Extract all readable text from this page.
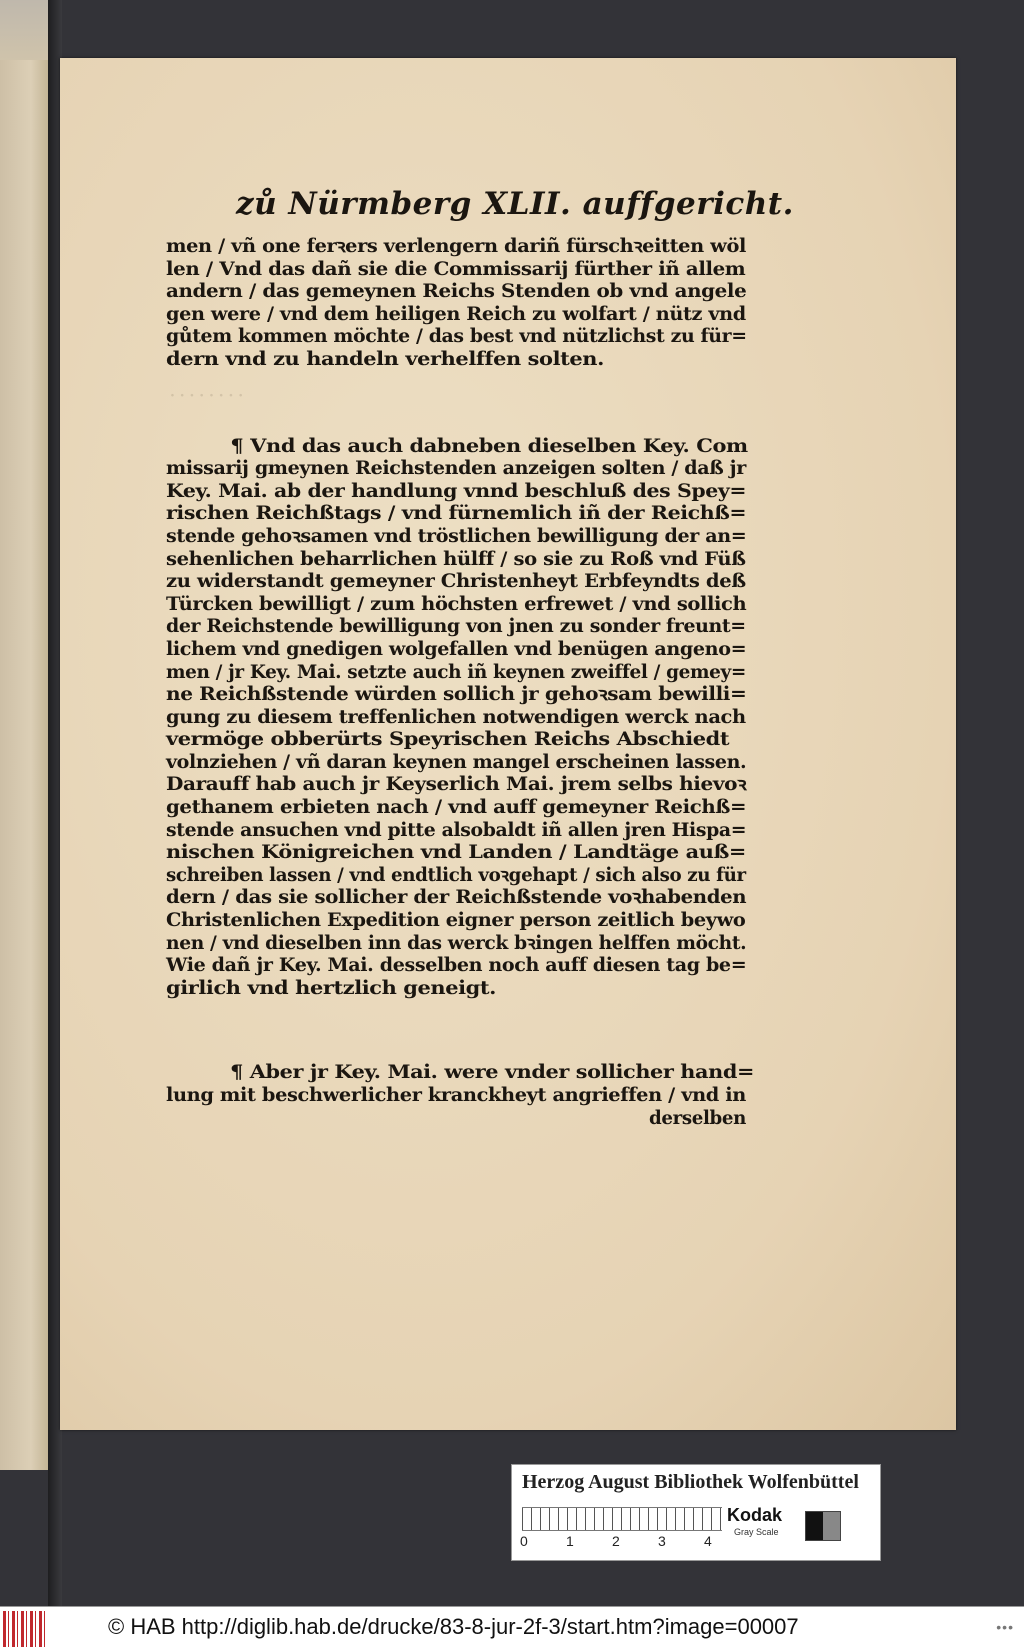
· · · · · · · ·
zů Nürmberg XLII. auffgericht.
men / vñ one ferꝛers verlengern dariñ fürschꝛeitten wöl
len / Vnd das dañ sie die Commissarij fürther iñ allem
andern / das gemeynen Reichs Stenden ob vnd angele
gen were / vnd dem heiligen Reich zu wolfart / nütz vnd
gůtem kommen möchte / das best vnd nützlichst zu für=
dern vnd zu handeln verhelffen solten.
¶ Vnd das auch dabneben dieselben Key. Com
missarij gmeynen Reichstenden anzeigen solten / daß jr
Key. Mai. ab der handlung vnnd beschluß des Spey=
rischen Reichßtags / vnd fürnemlich iñ der Reichß=
stende gehoꝛsamen vnd tröstlichen bewilligung der an=
sehenlichen beharrlichen hülff / so sie zu Roß vnd Füß
zu widerstandt gemeyner Christenheyt Erbfeyndts deß
Türcken bewilligt / zum höchsten erfrewet / vnd sollich
der Reichstende bewilligung von jnen zu sonder freunt=
lichem vnd gnedigen wolgefallen vnd benügen angeno=
men / jr Key. Mai. setzte auch iñ keynen zweiffel / gemey=
ne Reichßstende würden sollich jr gehoꝛsam bewilli=
gung zu diesem treffenlichen notwendigen werck nach
vermöge obberürts Speyrischen Reichs Abschiedt
volnziehen / vñ daran keynen mangel erscheinen lassen.
Darauff hab auch jr Keyserlich Mai. jrem selbs hievoꝛ
gethanem erbieten nach / vnd auff gemeyner Reichß=
stende ansuchen vnd pitte alsobaldt iñ allen jren Hispa=
nischen Königreichen vnd Landen / Landtäge auß=
schreiben lassen / vnd endtlich voꝛgehapt / sich also zu für
dern / das sie sollicher der Reichßstende voꝛhabenden
Christenlichen Expedition eigner person zeitlich beywo
nen / vnd dieselben inn das werck bꝛingen helffen möcht.
Wie dañ jr Key. Mai. desselben noch auff diesen tag be=
girlich vnd hertzlich geneigt.
¶ Aber jr Key. Mai. were vnder sollicher hand=
lung mit beschwerlicher kranckheyt angrieffen / vnd in
derselben
Herzog August Bibliothek Wolfenbüttel
0	1	2	3	4
Kodak
Gray Scale
© HAB http://diglib.hab.de/drucke/83-8-jur-2f-3/start.htm?image=00007	•••
